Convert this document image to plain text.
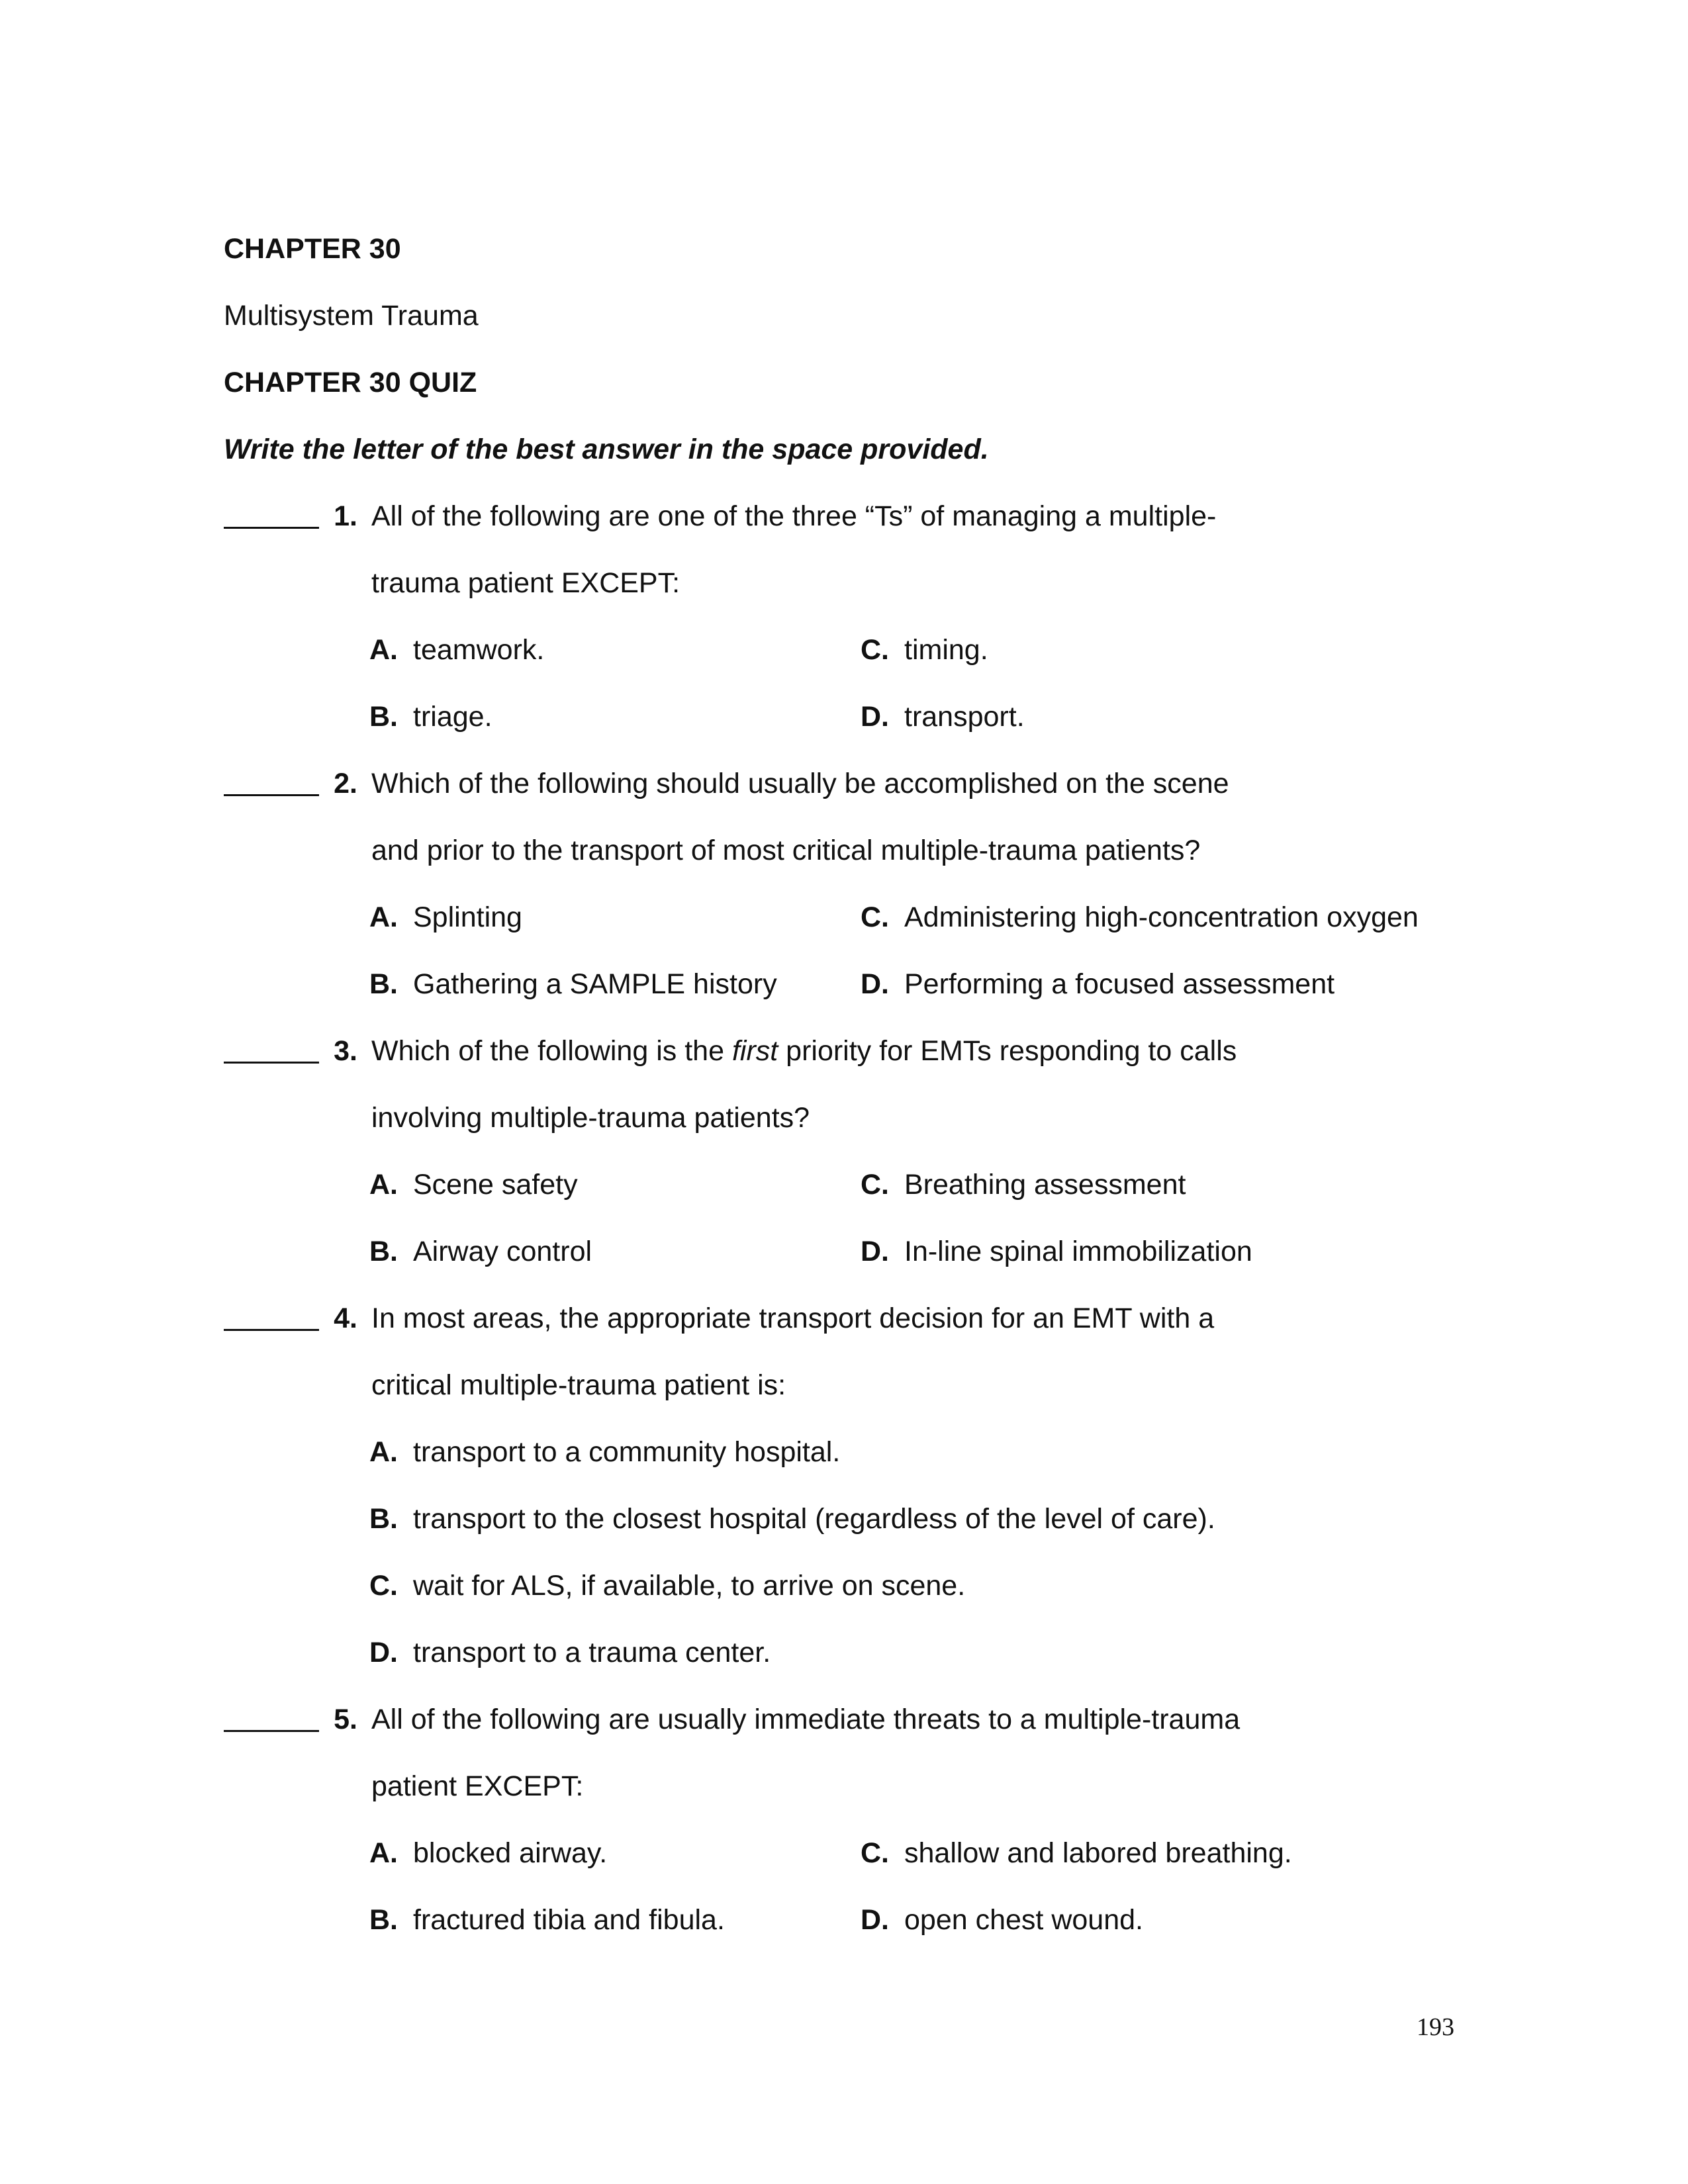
CHAPTER 30
Multisystem Trauma
CHAPTER 30 QUIZ
Write the letter of the best answer in the space provided.
1. All of the following are one of the three “Ts” of managing a multiple-
trauma patient EXCEPT:
A. teamwork.
B. triage.
C. timing.
D. transport.
2. Which of the following should usually be accomplished on the scene
and prior to the transport of most critical multiple-trauma patients?
A. Splinting
B. Gathering a SAMPLE history
C. Administering high-concentration oxygen
D. Performing a focused assessment
3. Which of the following is the first priority for EMTs responding to calls
involving multiple-trauma patients?
A. Scene safety
B. Airway control
C. Breathing assessment
D. In-line spinal immobilization
4. In most areas, the appropriate transport decision for an EMT with a
critical multiple-trauma patient is:
A. transport to a community hospital.
B. transport to the closest hospital (regardless of the level of care).
C. wait for ALS, if available, to arrive on scene.
D. transport to a trauma center.
5. All of the following are usually immediate threats to a multiple-trauma
patient EXCEPT:
A. blocked airway.
B. fractured tibia and fibula.
C. shallow and labored breathing.
D. open chest wound.
193
